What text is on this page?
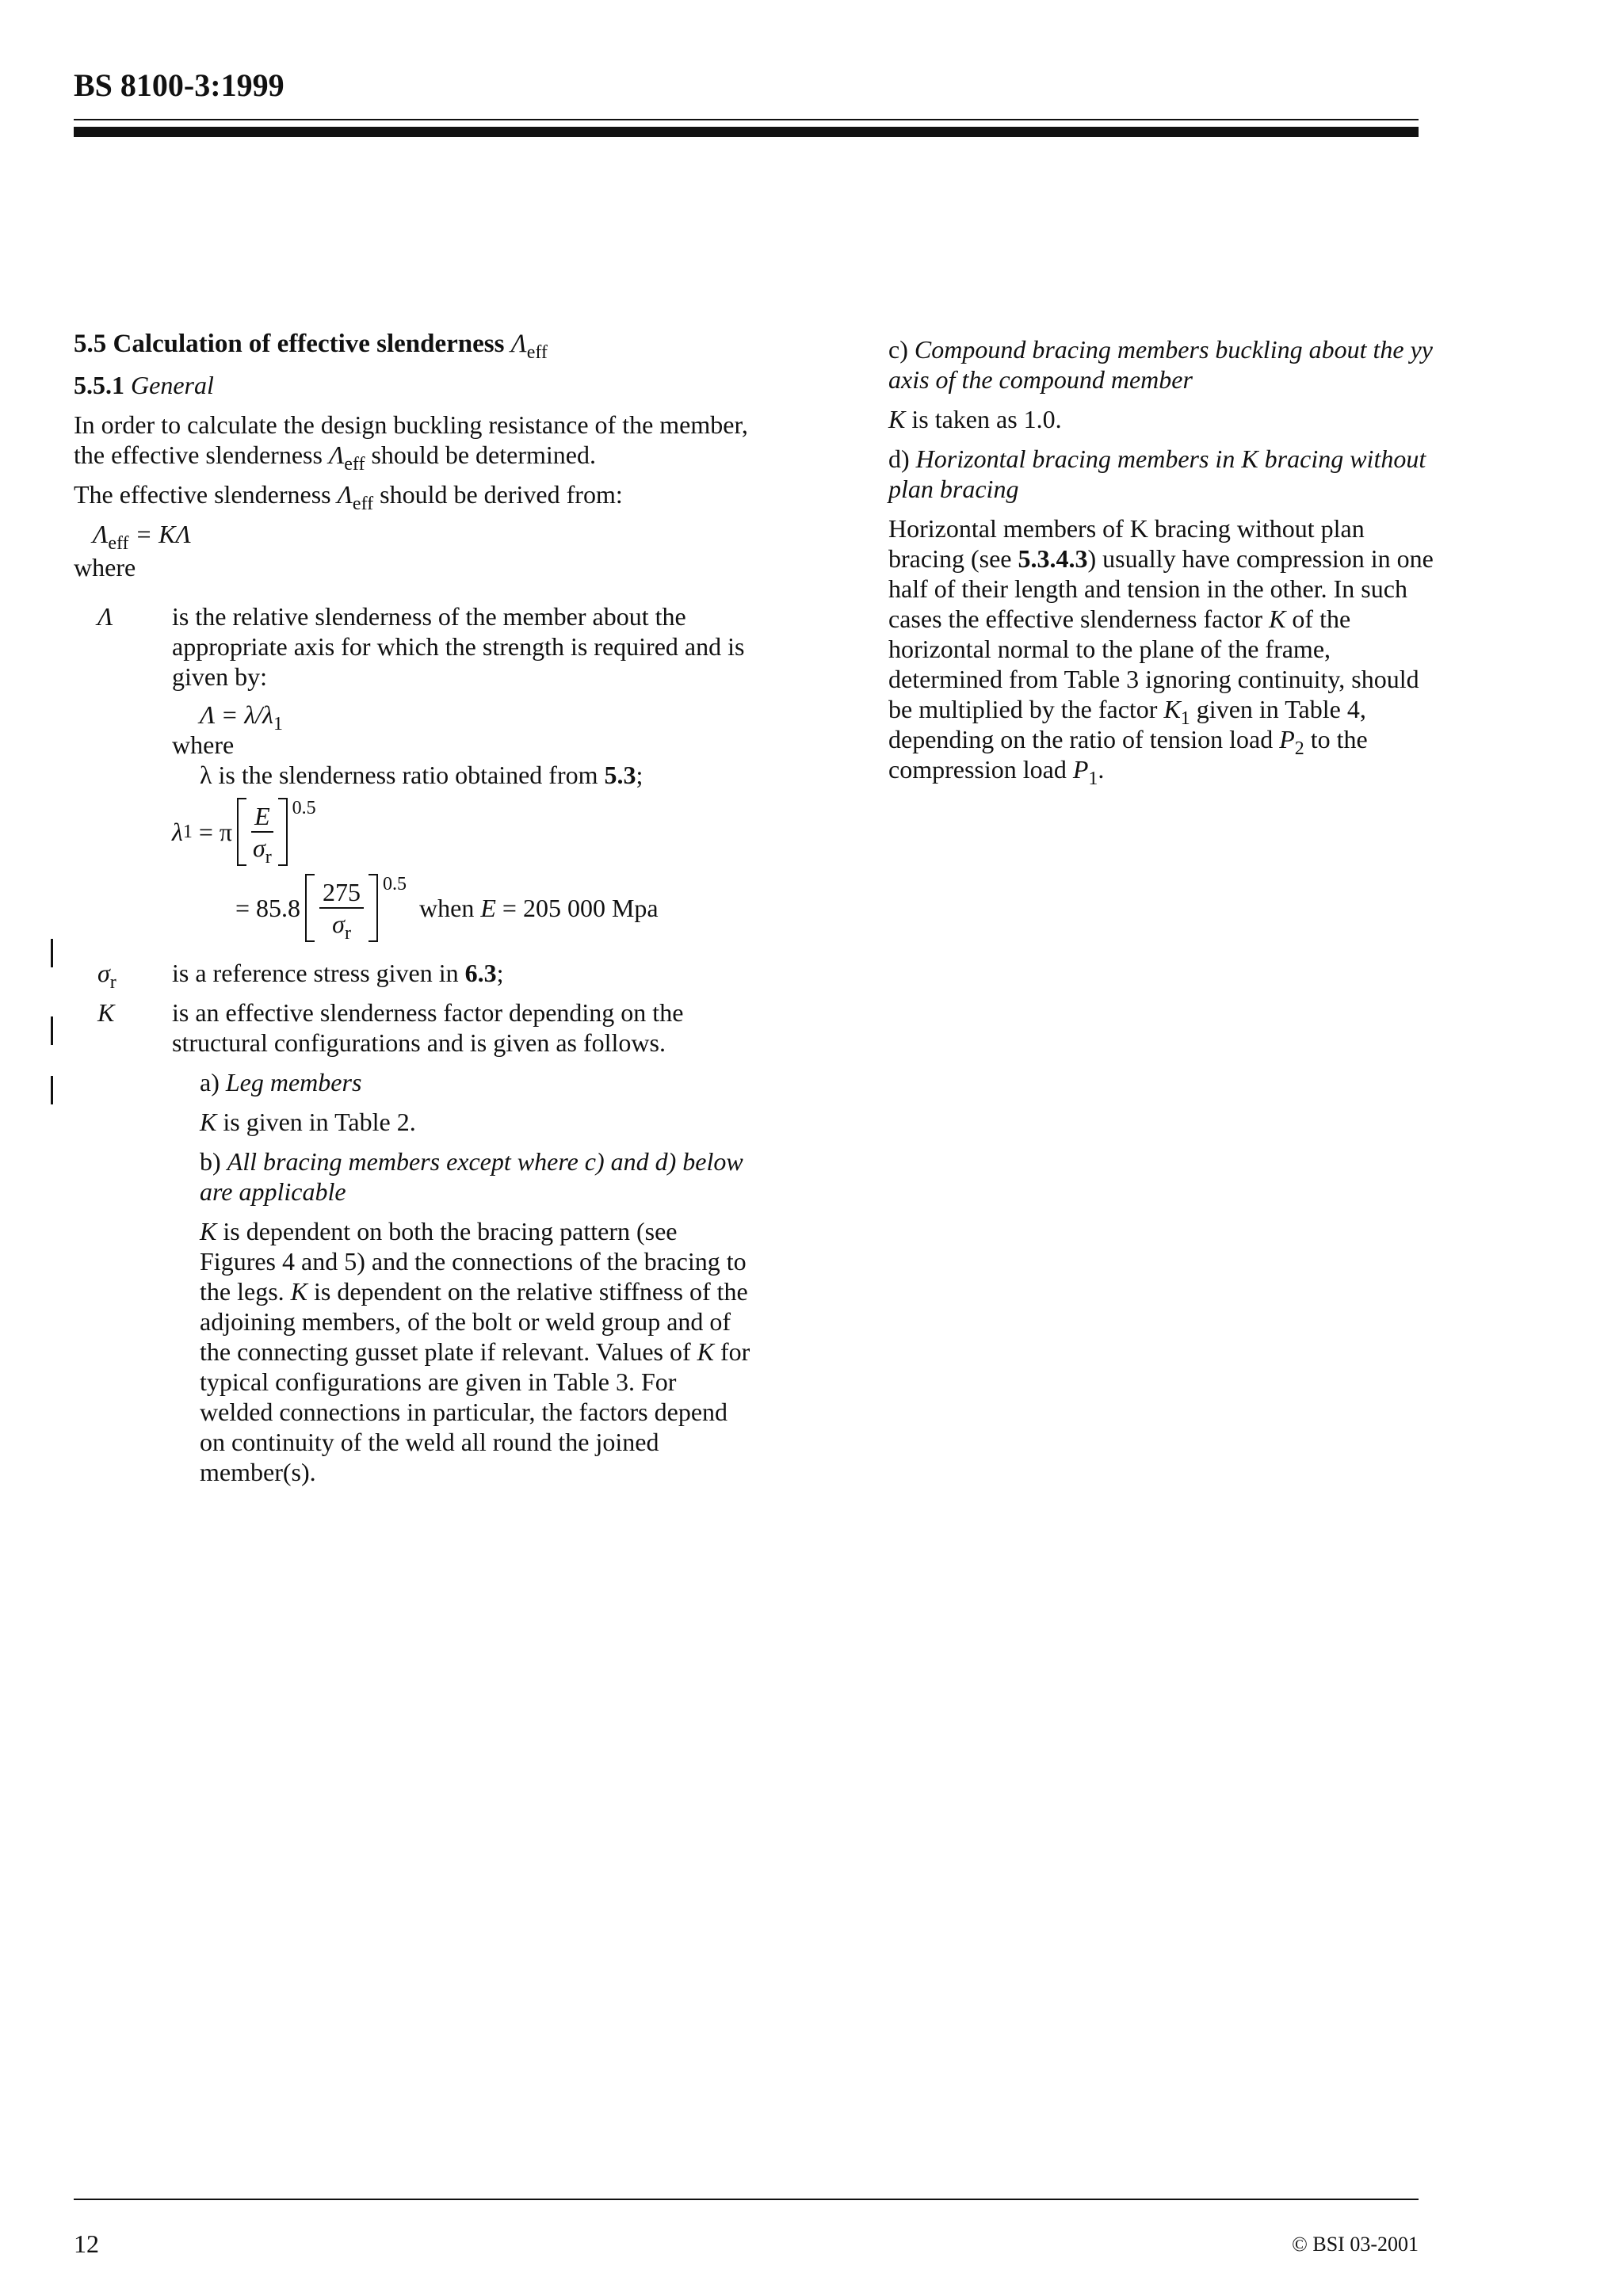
BS 8100-3:1999

5.5 Calculation of effective slenderness $\Lambda_{eff}$

5.5.1 General

In order to calculate the design buckling resistance of the member, the effective slenderness $\Lambda_{eff}$ should be determined.

The effective slenderness $\Lambda_{eff}$ should be derived from:

$\Lambda_{eff} = K\Lambda$

where

Λ	is the relative slenderness of the member about the appropriate axis for which the strength is required and is given by:

$\Lambda = \lambda/\lambda_1$

where

λ is the slenderness ratio obtained from 5.3;

λ 1
= π $\frac{E}{\sigma_r} 0.5$
= $85.8 \frac{275}{\sigma_r} 0.5$

when
E
= 205 000 Mpa
$\sigma_r$	is a reference stress given in 6.3;
K	is an effective slenderness factor depending on the structural configurations and is given as follows.

a) Leg members

K is given in Table 2.

b) All bracing members except where c) and d) below are applicable

K is dependent on both the bracing pattern (see Figures 4 and 5) and the connections of the bracing to the legs. K is dependent on the relative stiffness of the adjoining members, of the bolt or weld group and of the connecting gusset plate if relevant. Values of K for typical configurations are given in Table 3. For welded connections in particular, the factors depend on continuity of the weld all round the joined member(s).

c) Compound bracing members buckling about the yy axis of the compound member

K is taken as 1.0.

d) Horizontal bracing members in K bracing without plan bracing

Horizontal members of K bracing without plan bracing (see 5.3.4.3) usually have compression in one half of their length and tension in the other. In such cases the effective slenderness factor K of the horizontal normal to the plane of the frame, determined from Table 3 ignoring continuity, should be multiplied by the factor $K_1$ given in Table 4, depending on the ratio of tension load $P_2$ to the compression load $P_1$.

12	© BSI 03-2001
